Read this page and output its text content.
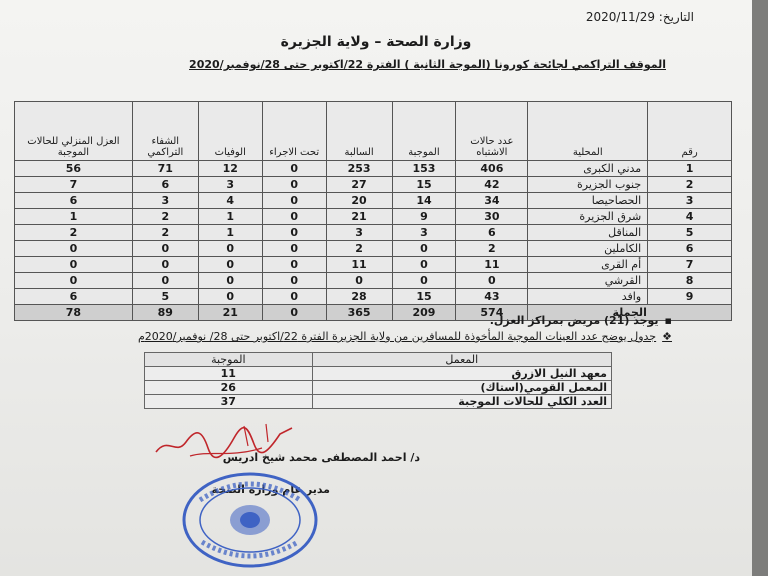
التاريخ: 2020/11/29
وزارة الصحة – ولاية الجزيرة
الموقف التراكمي لجائحة كورونا (الموجة الثانية ) الفترة 22/اكتوبر حتى 28/نوفمبر/2020
رقم	المحلية	عدد حالات الاشتباه	الموجبة	السالبة	تحت الاجراء	الوفيات	الشفاء التراكمي	العزل المنزلي للحالات الموجبة
1	مدني الكبرى	406	153	253	0	12	71	56
2	جنوب الجزيرة	42	15	27	0	3	6	7
3	الحصاحيصا	34	14	20	0	4	3	6
4	شرق الجزيرة	30	9	21	0	1	2	1
5	المناقل	6	3	3	0	1	2	2
6	الكاملين	2	0	2	0	0	0	0
7	أم القرى	11	0	11	0	0	0	0
8	القرشي	0	0	0	0	0	0	0
9	وافد	43	15	28	0	0	5	6
الجملة		574	209	365	0	21	89	78
▪يوجد (21) مريض بمراكز العزل.
❖جدول يوضح عدد العينات الموجبة المأخوذة للمسافرين من ولاية الجزيرة الفترة 22/اكتوبر حتى 28/ نوفمبر/2020م
المعمل	الموجبة
معهد النيل الازرق	11
المعمل القومي(استاك)	26
العدد الكلي للحالات الموجبة	37
د/ احمد المصطفى محمد شيخ ادريس
مدير عام وزارة الصحة
